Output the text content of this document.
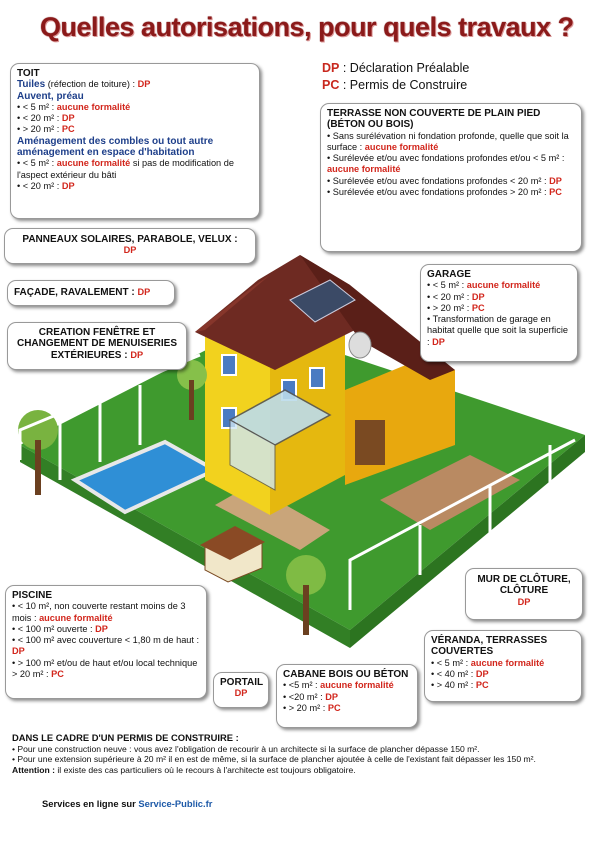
Quelles autorisations, pour quels travaux ?
DP : Déclaration Préalable
PC : Permis de Construire
TOIT
Tuiles (réfection de toiture) : DP
Auvent, préau
• < 5 m² : aucune formalité
• < 20 m² : DP
• > 20 m² : PC
Aménagement des combles ou tout autre aménagement en espace d'habitation
• < 5 m² : aucune formalité si pas de modification de l'aspect extérieur du bâti
• < 20 m² : DP
TERRASSE NON COUVERTE DE PLAIN PIED (BÉTON OU BOIS)
• Sans surélévation ni fondation profonde, quelle que soit la surface : aucune formalité
• Surélevée et/ou avec fondations profondes et/ou < 5 m² : aucune formalité
• Surélevée et/ou avec fondations profondes < 20 m² : DP
• Surélevée et/ou avec fondations profondes > 20 m² : PC
PANNEAUX SOLAIRES, PARABOLE, VELUX :
DP
FAÇADE, RAVALEMENT : DP
CREATION FENÊTRE ET CHANGEMENT DE MENUISERIES EXTÉRIEURES : DP
GARAGE
• < 5 m² : aucune formalité
• < 20 m² : DP
• > 20 m² : PC
• Transformation de garage en habitat quelle que soit la superficie : DP
MUR DE CLÔTURE, CLÔTURE
DP
PISCINE
• < 10 m², non couverte restant moins de 3 mois : aucune formalité
• < 100 m² ouverte : DP
• < 100 m² avec couverture < 1,80 m de haut : DP
• > 100 m² et/ou de haut et/ou local technique > 20 m² : PC
PORTAIL
DP
CABANE BOIS OU BÉTON
• <5 m² : aucune formalité
• <20 m² : DP
• > 20 m² : PC
VÉRANDA, TERRASSES COUVERTES
• < 5 m² : aucune formalité
• < 40 m² : DP
• > 40 m² : PC
DANS LE CADRE D'UN PERMIS DE CONSTRUIRE :
• Pour une construction neuve : vous avez l'obligation de recourir à un architecte si la surface de plancher dépasse 150 m².
• Pour une extension supérieure à 20 m² il en est de même, si la surface de plancher ajoutée à celle de l'existant fait dépasser les 150 m².
Attention : il existe des cas particuliers où le recours à l'architecte est toujours obligatoire.
Services en ligne sur Service-Public.fr
